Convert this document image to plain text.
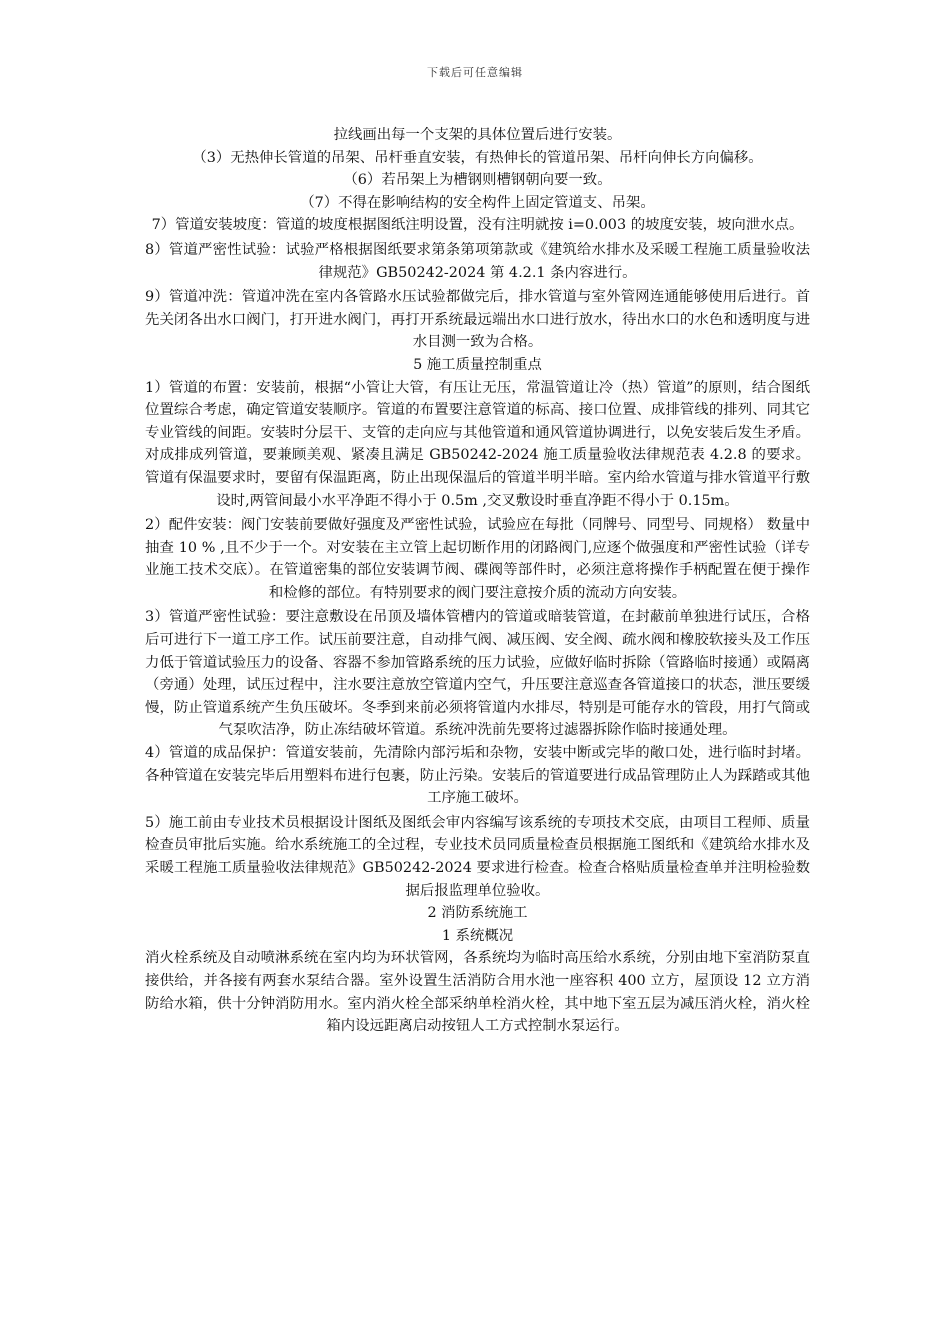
下载后可任意编辑

拉线画出每一个支架的具体位置后进行安装。

（3）无热伸长管道的吊架、吊杆垂直安装，有热伸长的管道吊架、吊杆向伸长方向偏移。

（6）若吊架上为槽钢则槽钢朝向要一致。

（7）不得在影响结构的安全构件上固定管道支、吊架。

7）管道安装坡度：管道的坡度根据图纸注明设置，没有注明就按 i=0.003 的坡度安装，坡向泄水点。

8）管道严密性试验：试验严格根据图纸要求第条第项第款或《建筑给水排水及采暖工程施工质量验收法律规范》GB50242-2024 第 4.2.1 条内容进行。

9）管道冲洗：管道冲洗在室内各管路水压试验都做完后，排水管道与室外管网连通能够使用后进行。首先关闭各出水口阀门，打开进水阀门，再打开系统最远端出水口进行放水，待出水口的水色和透明度与进水目测一致为合格。

5 施工质量控制重点

1）管道的布置：安装前，根据“小管让大管，有压让无压，常温管道让冷（热）管道”的原则，结合图纸位置综合考虑，确定管道安装顺序。管道的布置要注意管道的标高、接口位置、成排管线的排列、同其它专业管线的间距。安装时分层干、支管的走向应与其他管道和通风管道协调进行，以免安装后发生矛盾。对成排成列管道，要兼顾美观、紧凑且满足 GB50242-2024 施工质量验收法律规范表 4.2.8 的要求。管道有保温要求时，要留有保温距离，防止出现保温后的管道半明半暗。室内给水管道与排水管道平行敷设时,两管间最小水平净距不得小于 0.5m ,交叉敷设时垂直净距不得小于 0.15m。

2）配件安装：阀门安装前要做好强度及严密性试验，试验应在每批（同牌号、同型号、同规格） 数量中抽查 10 % ,且不少于一个。对安装在主立管上起切断作用的闭路阀门,应逐个做强度和严密性试验（详专业施工技术交底）。在管道密集的部位安装调节阀、碟阀等部件时，必须注意将操作手柄配置在便于操作和检修的部位。有特别要求的阀门要注意按介质的流动方向安装。

3）管道严密性试验：要注意敷设在吊顶及墙体管槽内的管道或暗装管道，在封蔽前单独进行试压，合格后可进行下一道工序工作。试压前要注意，自动排气阀、减压阀、安全阀、疏水阀和橡胶软接头及工作压力低于管道试验压力的设备、容器不参加管路系统的压力试验，应做好临时拆除（管路临时接通）或隔离（旁通）处理，试压过程中，注水要注意放空管道内空气，升压要注意巡查各管道接口的状态，泄压要缓慢，防止管道系统产生负压破坏。冬季到来前必须将管道内水排尽，特别是可能存水的管段，用打气筒或气泵吹洁净，防止冻结破坏管道。系统冲洗前先要将过滤器拆除作临时接通处理。

4）管道的成品保护：管道安装前，先清除内部污垢和杂物，安装中断或完毕的敞口处，进行临时封堵。各种管道在安装完毕后用塑料布进行包裹，防止污染。安装后的管道要进行成品管理防止人为踩踏或其他工序施工破坏。

5）施工前由专业技术员根据设计图纸及图纸会审内容编写该系统的专项技术交底，由项目工程师、质量检查员审批后实施。给水系统施工的全过程，专业技术员同质量检查员根据施工图纸和《建筑给水排水及采暖工程施工质量验收法律规范》GB50242-2024 要求进行检查。检查合格贴质量检查单并注明检验数据后报监理单位验收。

2 消防系统施工

1 系统概况

消火栓系统及自动喷淋系统在室内均为环状管网，各系统均为临时高压给水系统，分别由地下室消防泵直接供给，并各接有两套水泵结合器。室外设置生活消防合用水池一座容积 400 立方，屋顶设 12 立方消防给水箱，供十分钟消防用水。室内消火栓全部采纳单栓消火栓，其中地下室五层为减压消火栓，消火栓箱内设远距离启动按钮人工方式控制水泵运行。
